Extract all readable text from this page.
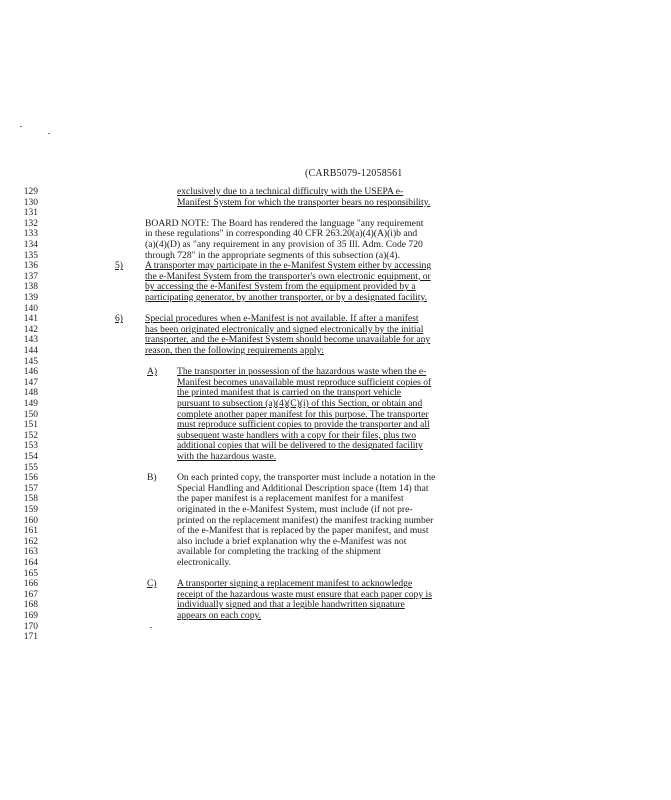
(CARB5079-12058561
129
130
131
132
133
134
135
136
137
138
139
140
141
142
143
144
145
146
147
148
149
150
151
152
153
154
155
156
157
158
159
160
161
162
163
164
165
166
167
168
169
170
171
exclusively due to a technical difficulty with the USEPA e-
Manifest System for which the transporter bears no responsibility.
BOARD NOTE: The Board has rendered the language "any requirement
in these regulations" in corresponding 40 CFR 263.20(a)(4)(A)(i)b and
(a)(4)(D) as "any requirement in any provision of 35 Ill. Adm. Code 720
through 728" in the appropriate segments of this subsection (a)(4).
5) A transporter may participate in the e-Manifest System either by accessing
the e-Manifest System from the transporter's own electronic equipment, or
by accessing the e-Manifest System from the equipment provided by a
participating generator, by another transporter, or by a designated facility.
6) Special procedures when e-Manifest is not available. If after a manifest
has been originated electronically and signed electronically by the initial
transporter, and the e-Manifest System should become unavailable for any
reason, then the following requirements apply:
A) The transporter in possession of the hazardous waste when the e-
Manifest becomes unavailable must reproduce sufficient copies of
the printed manifest that is carried on the transport vehicle
pursuant to subsection (a)(4)(C)(i) of this Section, or obtain and
complete another paper manifest for this purpose. The transporter
must reproduce sufficient copies to provide the transporter and all
subsequent waste handlers with a copy for their files, plus two
additional copies that will be delivered to the designated facility
with the hazardous waste.
B) On each printed copy, the transporter must include a notation in the
Special Handling and Additional Description space (Item 14) that
the paper manifest is a replacement manifest for a manifest
originated in the e-Manifest System, must include (if not pre-
printed on the replacement manifest) the manifest tracking number
of the e-Manifest that is replaced by the paper manifest, and must
also include a brief explanation why the e-Manifest was not
available for completing the tracking of the shipment
electronically.
C) A transporter signing a replacement manifest to acknowledge
receipt of the hazardous waste must ensure that each paper copy is
individually signed and that a legible handwritten signature
appears on each copy.
